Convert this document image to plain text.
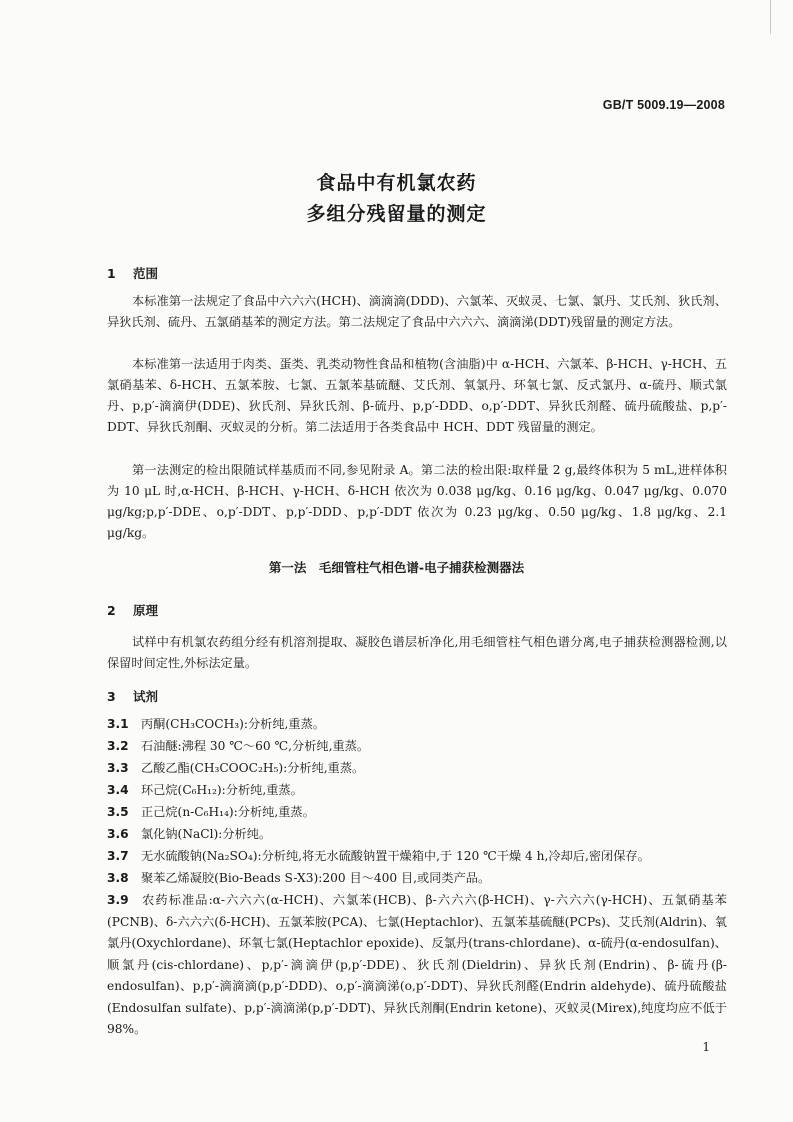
GB/T 5009.19—2008
食品中有机氯农药
多组分残留量的测定
1 范围
本标准第一法规定了食品中六六六(HCH)、滴滴滴(DDD)、六氯苯、灭蚁灵、七氯、氯丹、艾氏剂、狄氏剂、异狄氏剂、硫丹、五氯硝基苯的测定方法。第二法规定了食品中六六六、滴滴涕(DDT)残留量的测定方法。
本标准第一法适用于肉类、蛋类、乳类动物性食品和植物(含油脂)中 α-HCH、六氯苯、β-HCH、γ-HCH、五氯硝基苯、δ-HCH、五氯苯胺、七氯、五氯苯基硫醚、艾氏剂、氧氯丹、环氧七氯、反式氯丹、α-硫丹、顺式氯丹、p,p′-滴滴伊(DDE)、狄氏剂、异狄氏剂、β-硫丹、p,p′-DDD、o,p′-DDT、异狄氏剂醛、硫丹硫酸盐、p,p′-DDT、异狄氏剂酮、灭蚁灵的分析。第二法适用于各类食品中 HCH、DDT 残留量的测定。
第一法测定的检出限随试样基质而不同,参见附录 A。第二法的检出限:取样量 2 g,最终体积为 5 mL,进样体积为 10 μL 时,α-HCH、β-HCH、γ-HCH、δ-HCH 依次为 0.038 μg/kg、0.16 μg/kg、0.047 μg/kg、0.070 μg/kg;p,p′-DDE、o,p′-DDT、p,p′-DDD、p,p′-DDT 依次为 0.23 μg/kg、0.50 μg/kg、1.8 μg/kg、2.1 μg/kg。
第一法　毛细管柱气相色谱-电子捕获检测器法
2 原理
试样中有机氯农药组分经有机溶剂提取、凝胶色谱层析净化,用毛细管柱气相色谱分离,电子捕获检测器检测,以保留时间定性,外标法定量。
3 试剂
3.1 丙酮(CH₃COCH₃):分析纯,重蒸。
3.2 石油醚:沸程 30 ℃～60 ℃,分析纯,重蒸。
3.3 乙酸乙酯(CH₃COOC₂H₅):分析纯,重蒸。
3.4 环己烷(C₆H₁₂):分析纯,重蒸。
3.5 正己烷(n-C₆H₁₄):分析纯,重蒸。
3.6 氯化钠(NaCl):分析纯。
3.7 无水硫酸钠(Na₂SO₄):分析纯,将无水硫酸钠置干燥箱中,于 120 ℃干燥 4 h,冷却后,密闭保存。
3.8 聚苯乙烯凝胶(Bio-Beads S-X3):200 目～400 目,或同类产品。
3.9 农药标准品:α-六六六(α-HCH)、六氯苯(HCB)、β-六六六(β-HCH)、γ-六六六(γ-HCH)、五氯硝基苯(PCNB)、δ-六六六(δ-HCH)、五氯苯胺(PCA)、七氯(Heptachlor)、五氯苯基硫醚(PCPs)、艾氏剂(Aldrin)、氧氯丹(Oxychlordane)、环氧七氯(Heptachlor epoxide)、反氯丹(trans-chlordane)、α-硫丹(α-endosulfan)、顺氯丹(cis-chlordane)、p,p′-滴滴伊(p,p′-DDE)、狄氏剂(Dieldrin)、异狄氏剂(Endrin)、β-硫丹(β-endosulfan)、p,p′-滴滴滴(p,p′-DDD)、o,p′-滴滴涕(o,p′-DDT)、异狄氏剂醛(Endrin aldehyde)、硫丹硫酸盐(Endosulfan sulfate)、p,p′-滴滴涕(p,p′-DDT)、异狄氏剂酮(Endrin ketone)、灭蚁灵(Mirex),纯度均应不低于 98%。
1
